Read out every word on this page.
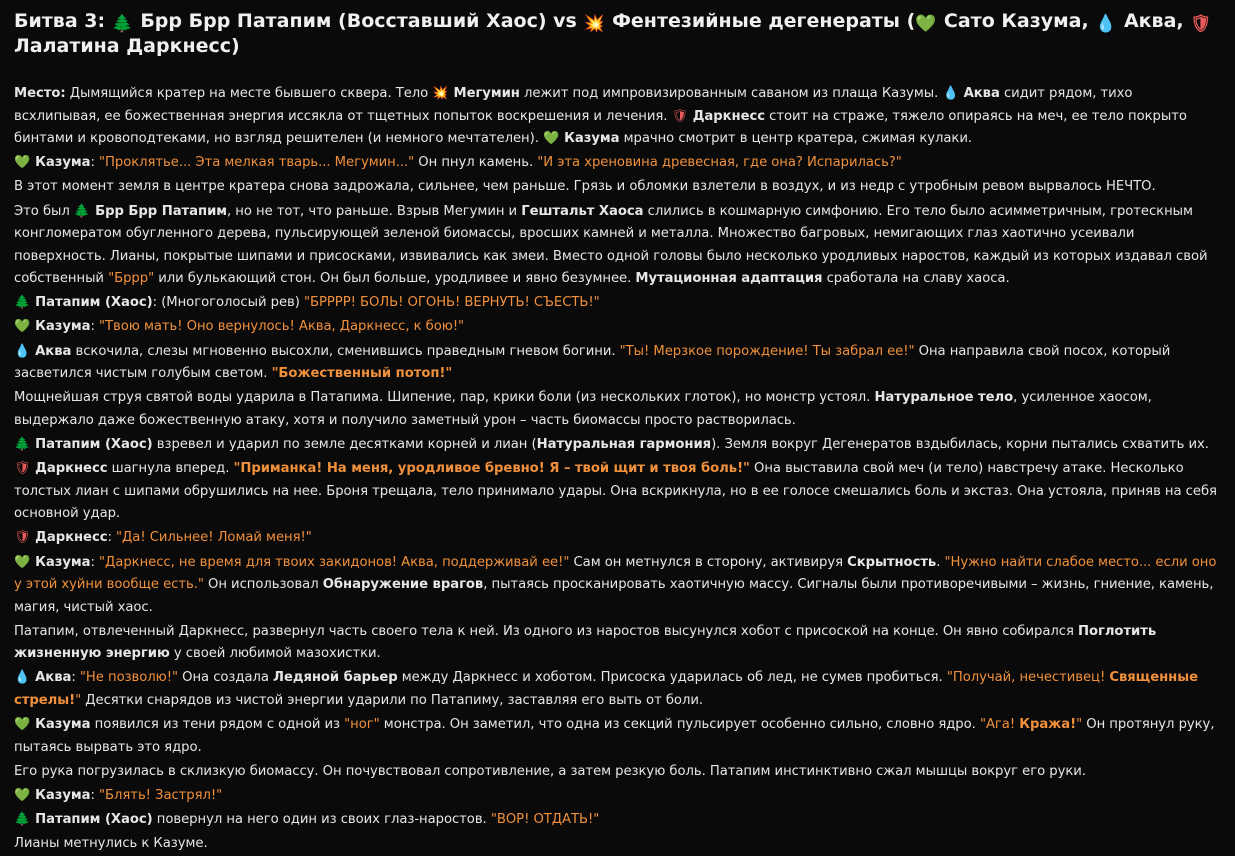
Битва 3: 🌲 Брр Брр Патапим (Восставший Хаос) vs 💥 Фентезийные дегенераты (💚 Сато Казума, 💧 Аква, 🛡 Лалатина Даркнесс)
Место: Дымящийся кратер на месте бывшего сквера. Тело 💥 Мегумин лежит под импровизированным саваном из плаща Казумы. 💧 Аква сидит рядом, тихо всхлипывая, ее божественная энергия иссякла от тщетных попыток воскрешения и лечения. 🛡 Даркнесс стоит на страже, тяжело опираясь на меч, ее тело покрыто бинтами и кровоподтеками, но взгляд решителен (и немного мечтателен). 💚 Казума мрачно смотрит в центр кратера, сжимая кулаки.
💚 Казума: "Проклятье... Эта мелкая тварь... Мегумин..." Он пнул камень. "И эта хреновина древесная, где она? Испарилась?"
В этот момент земля в центре кратера снова задрожала, сильнее, чем раньше. Грязь и обломки взлетели в воздух, и из недр с утробным ревом вырвалось НЕЧТО.
Это был 🌲 Брр Брр Патапим, но не тот, что раньше. Взрыв Мегумин и Гештальт Хаоса слились в кошмарную симфонию. Его тело было асимметричным, гротескным конгломератом обугленного дерева, пульсирующей зеленой биомассы, вросших камней и металла. Множество багровых, немигающих глаз хаотично усеивали поверхность. Лианы, покрытые шипами и присосками, извивались как змеи. Вместо одной головы было несколько уродливых наростов, каждый из которых издавал свой собственный "Бррр" или булькающий стон. Он был больше, уродливее и явно безумнее. Мутационная адаптация сработала на славу хаоса.
🌲 Патапим (Хаос): (Многоголосый рев) "БРРРР! БОЛЬ! ОГОНЬ! ВЕРНУТЬ! СЪЕСТЬ!"
💚 Казума: "Твою мать! Оно вернулось! Аква, Даркнесс, к бою!"
💧 Аква вскочила, слезы мгновенно высохли, сменившись праведным гневом богини. "Ты! Мерзкое порождение! Ты забрал ее!" Она направила свой посох, который засветился чистым голубым светом. "Божественный потоп!"
Мощнейшая струя святой воды ударила в Патапима. Шипение, пар, крики боли (из нескольких глоток), но монстр устоял. Натуральное тело, усиленное хаосом, выдержало даже божественную атаку, хотя и получило заметный урон – часть биомассы просто растворилась.
🌲 Патапим (Хаос) взревел и ударил по земле десятками корней и лиан (Натуральная гармония). Земля вокруг Дегенератов вздыбилась, корни пытались схватить их.
🛡 Даркнесс шагнула вперед. "Приманка! На меня, уродливое бревно! Я – твой щит и твоя боль!" Она выставила свой меч (и тело) навстречу атаке. Несколько толстых лиан с шипами обрушились на нее. Броня трещала, тело принимало удары. Она вскрикнула, но в ее голосе смешались боль и экстаз. Она устояла, приняв на себя основной удар.
🛡 Даркнесс: "Да! Сильнее! Ломай меня!"
💚 Казума: "Даркнесс, не время для твоих закидонов! Аква, поддерживай ее!" Сам он метнулся в сторону, активируя Скрытность. "Нужно найти слабое место... если оно у этой хуйни вообще есть." Он использовал Обнаружение врагов, пытаясь просканировать хаотичную массу. Сигналы были противоречивыми – жизнь, гниение, камень, магия, чистый хаос.
Патапим, отвлеченный Даркнесс, развернул часть своего тела к ней. Из одного из наростов высунулся хобот с присоской на конце. Он явно собирался Поглотить жизненную энергию у своей любимой мазохистки.
💧 Аква: "Не позволю!" Она создала Ледяной барьер между Даркнесс и хоботом. Присоска ударилась об лед, не сумев пробиться. "Получай, нечестивец! Священные стрелы!" Десятки снарядов из чистой энергии ударили по Патапиму, заставляя его выть от боли.
💚 Казума появился из тени рядом с одной из "ног" монстра. Он заметил, что одна из секций пульсирует особенно сильно, словно ядро. "Ага! Кража!" Он протянул руку, пытаясь вырвать это ядро.
Его рука погрузилась в склизкую биомассу. Он почувствовал сопротивление, а затем резкую боль. Патапим инстинктивно сжал мышцы вокруг его руки.
💚 Казума: "Блять! Застрял!"
🌲 Патапим (Хаос) повернул на него один из своих глаз-наростов. "ВОР! ОТДАТЬ!"
Лианы метнулись к Казуме.
